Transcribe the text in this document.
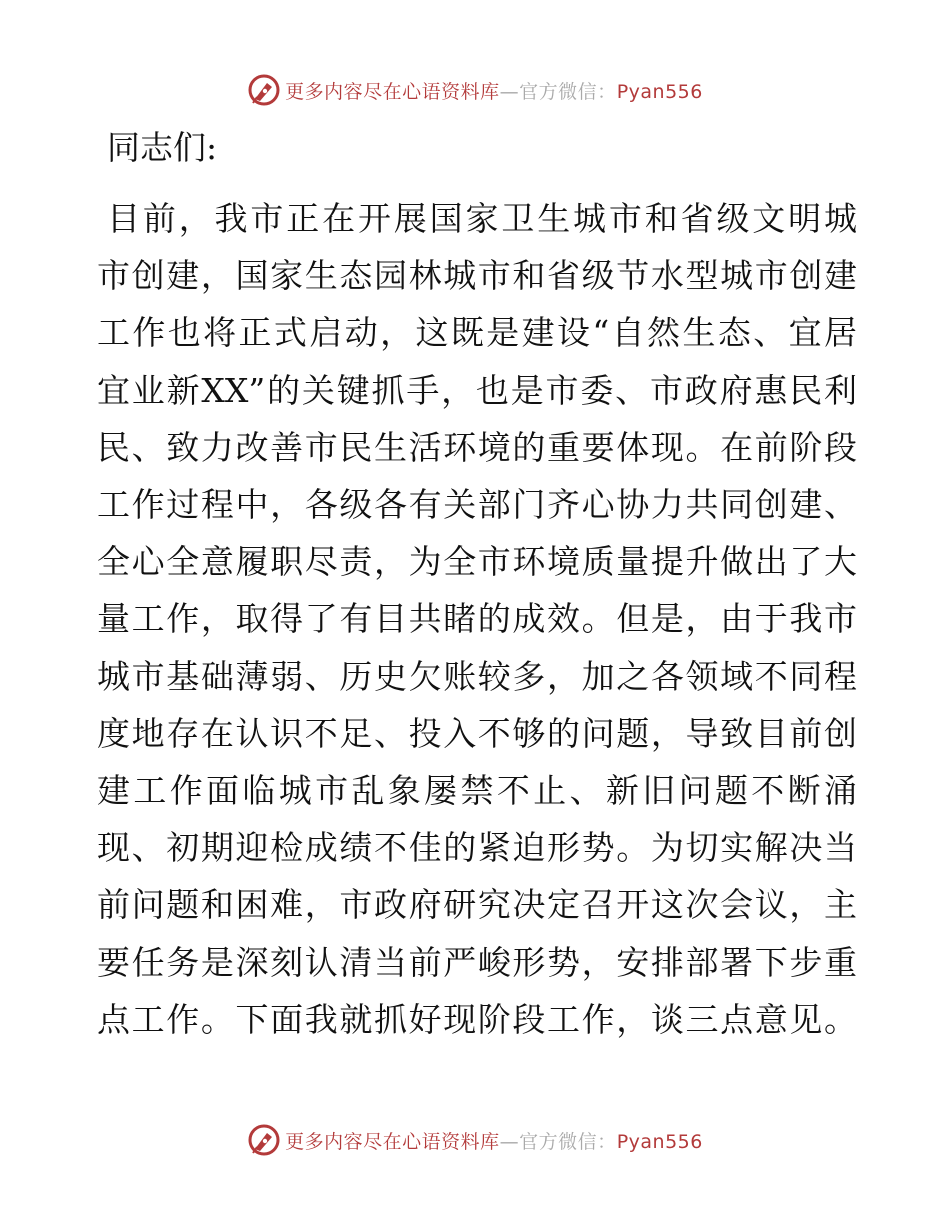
更多内容尽在心语资料库—官方微信：Pyan556

同志们:

目前，我市正在开展国家卫生城市和省级文明城
市创建，国家生态园林城市和省级节水型城市创建
工作也将正式启动，这既是建设“自然生态、宜居
宜业新XX”的关键抓手，也是市委、市政府惠民利
民、致力改善市民生活环境的重要体现。在前阶段
工作过程中，各级各有关部门齐心协力共同创建、
全心全意履职尽责，为全市环境质量提升做出了大
量工作，取得了有目共睹的成效。但是，由于我市
城市基础薄弱、历史欠账较多，加之各领域不同程
度地存在认识不足、投入不够的问题，导致目前创
建工作面临城市乱象屡禁不止、新旧问题不断涌
现、初期迎检成绩不佳的紧迫形势。为切实解决当
前问题和困难，市政府研究决定召开这次会议，主
要任务是深刻认清当前严峻形势，安排部署下步重
点工作。下面我就抓好现阶段工作，谈三点意见。
更多内容尽在心语资料库—官方微信：Pyan556
